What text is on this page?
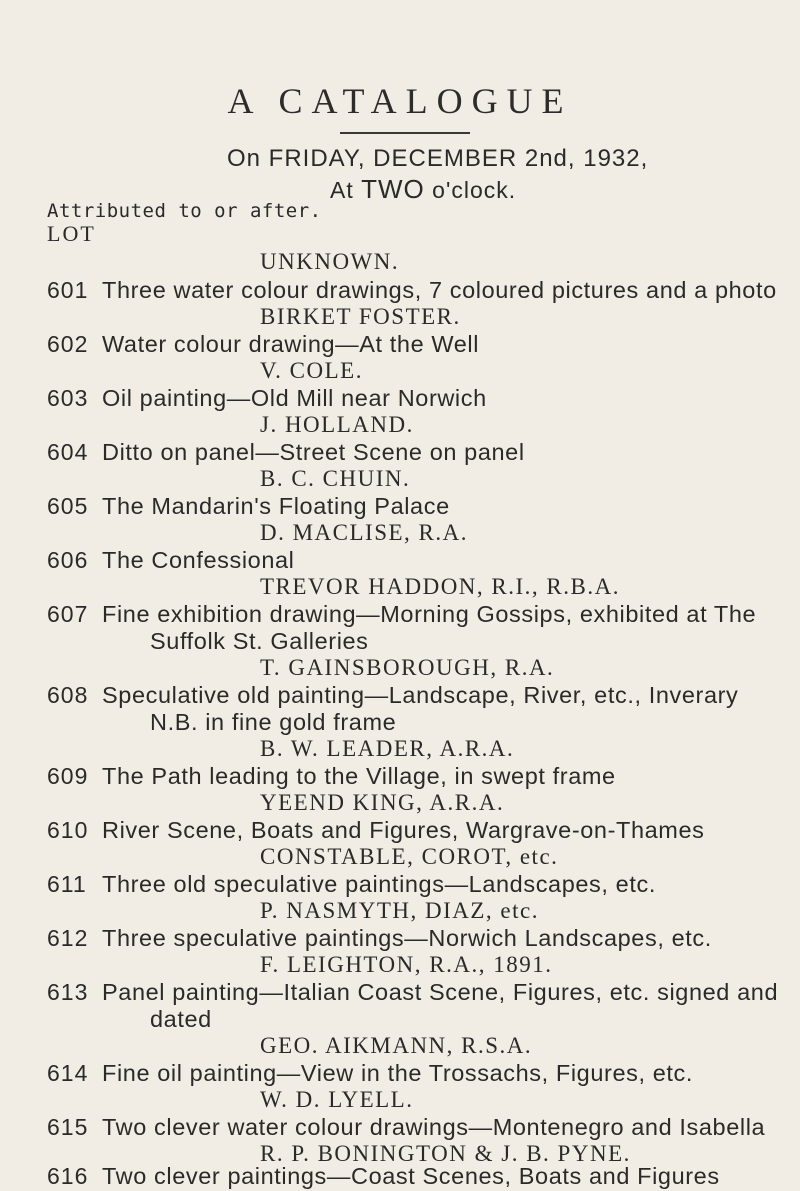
A CATALOGUE
On FRIDAY, DECEMBER 2nd, 1932,
At TWO o'clock.
Attributed to or after.
LOT
UNKNOWN.
601 Three water colour drawings, 7 coloured pictures and a photo
BIRKET FOSTER.
602 Water colour drawing—At the Well
V. COLE.
603 Oil painting—Old Mill near Norwich
J. HOLLAND.
604 Ditto on panel—Street Scene on panel
B. C. CHUIN.
605 The Mandarin's Floating Palace
D. MACLISE, R.A.
606 The Confessional
TREVOR HADDON, R.I., R.B.A.
607 Fine exhibition drawing—Morning Gossips, exhibited at The
Suffolk St. Galleries
T. GAINSBOROUGH, R.A.
608 Speculative old painting—Landscape, River, etc., Inverary
N.B. in fine gold frame
B. W. LEADER, A.R.A.
609 The Path leading to the Village, in swept frame
YEEND KING, A.R.A.
610 River Scene, Boats and Figures, Wargrave-on-Thames
CONSTABLE, COROT, etc.
611 Three old speculative paintings—Landscapes, etc.
P. NASMYTH, DIAZ, etc.
612 Three speculative paintings—Norwich Landscapes, etc.
F. LEIGHTON, R.A., 1891.
613 Panel painting—Italian Coast Scene, Figures, etc. signed and
dated
GEO. AIKMANN, R.S.A.
614 Fine oil painting—View in the Trossachs, Figures, etc.
W. D. LYELL.
615 Two clever water colour drawings—Montenegro and Isabella
R. P. BONINGTON & J. B. PYNE.
616 Two clever paintings—Coast Scenes, Boats and Figures
